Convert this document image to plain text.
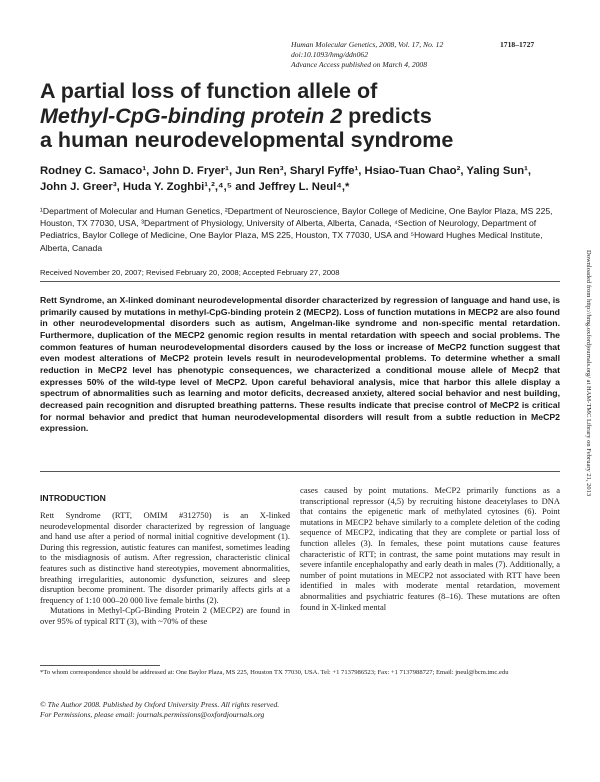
Human Molecular Genetics, 2008, Vol. 17, No. 12	1718–1727
doi:10.1093/hmg/ddn062
Advance Access published on March 4, 2008
A partial loss of function allele of
Methyl-CpG-binding protein 2 predicts
a human neurodevelopmental syndrome
Rodney C. Samaco¹, John D. Fryer¹, Jun Ren³, Sharyl Fyffe¹, Hsiao-Tuan Chao², Yaling Sun¹,
John J. Greer³, Huda Y. Zoghbi¹,²,⁴,⁵ and Jeffrey L. Neul⁴,*
¹Department of Molecular and Human Genetics, ²Department of Neuroscience, Baylor College of Medicine, One Baylor Plaza, MS 225, Houston, TX 77030, USA, ³Department of Physiology, University of Alberta, Alberta, Canada, ⁴Section of Neurology, Department of Pediatrics, Baylor College of Medicine, One Baylor Plaza, MS 225, Houston, TX 77030, USA and ⁵Howard Hughes Medical Institute, Alberta, Canada
Received November 20, 2007; Revised February 20, 2008; Accepted February 27, 2008
Rett Syndrome, an X-linked dominant neurodevelopmental disorder characterized by regression of language and hand use, is primarily caused by mutations in methyl-CpG-binding protein 2 (MECP2). Loss of function mutations in MECP2 are also found in other neurodevelopmental disorders such as autism, Angelman-like syndrome and non-specific mental retardation. Furthermore, duplication of the MECP2 genomic region results in mental retardation with speech and social problems. The common features of human neurodevelopmental disorders caused by the loss or increase of MeCP2 function suggest that even modest alterations of MeCP2 protein levels result in neurodevelopmental problems. To determine whether a small reduction in MeCP2 level has phenotypic consequences, we characterized a conditional mouse allele of Mecp2 that expresses 50% of the wild-type level of MeCP2. Upon careful behavioral analysis, mice that harbor this allele display a spectrum of abnormalities such as learning and motor deficits, decreased anxiety, altered social behavior and nest building, decreased pain recognition and disrupted breathing patterns. These results indicate that precise control of MeCP2 is critical for normal behavior and predict that human neurodevelopmental disorders will result from a subtle reduction in MeCP2 expression.
INTRODUCTION

Rett Syndrome (RTT, OMIM #312750) is an X-linked neurodevelopmental disorder characterized by regression of language and hand use after a period of normal initial cognitive development (1). During this regression, autistic features can manifest, sometimes leading to the misdiagnosis of autism. After regression, characteristic clinical features such as distinctive hand stereotypies, movement abnormalities, breathing irregularities, autonomic dysfunction, seizures and sleep disruption become prominent. The disorder primarily affects girls at a frequency of 1:10 000–20 000 live female births (2).

Mutations in Methyl-CpG-Binding Protein 2 (MECP2) are found in over 95% of typical RTT (3), with ~70% of these

cases caused by point mutations. MeCP2 primarily functions as a transcriptional repressor (4,5) by recruiting histone deacetylases to DNA that contains the epigenetic mark of methylated cytosines (6). Point mutations in MECP2 behave similarly to a complete deletion of the coding sequence of MECP2, indicating that they are complete or partial loss of function alleles (3). In females, these point mutations cause features characteristic of RTT; in contrast, the same point mutations may result in severe infantile encephalopathy and early death in males (7). Additionally, a number of point mutations in MECP2 not associated with RTT have been identified in males with moderate mental retardation, movement abnormalities and psychiatric features (8–16). These mutations are often found in X-linked mental

*To whom correspondence should be addressed at: One Baylor Plaza, MS 225, Houston TX 77030, USA. Tel: +1 7137986523; Fax: +1 7137988727; Email: jneul@bcm.tmc.edu
© The Author 2008. Published by Oxford University Press. All rights reserved.
For Permissions, please email: journals.permissions@oxfordjournals.org
Downloaded from http://hmg.oxfordjournals.org/ at HAM-TMC Library on February 21, 2013
